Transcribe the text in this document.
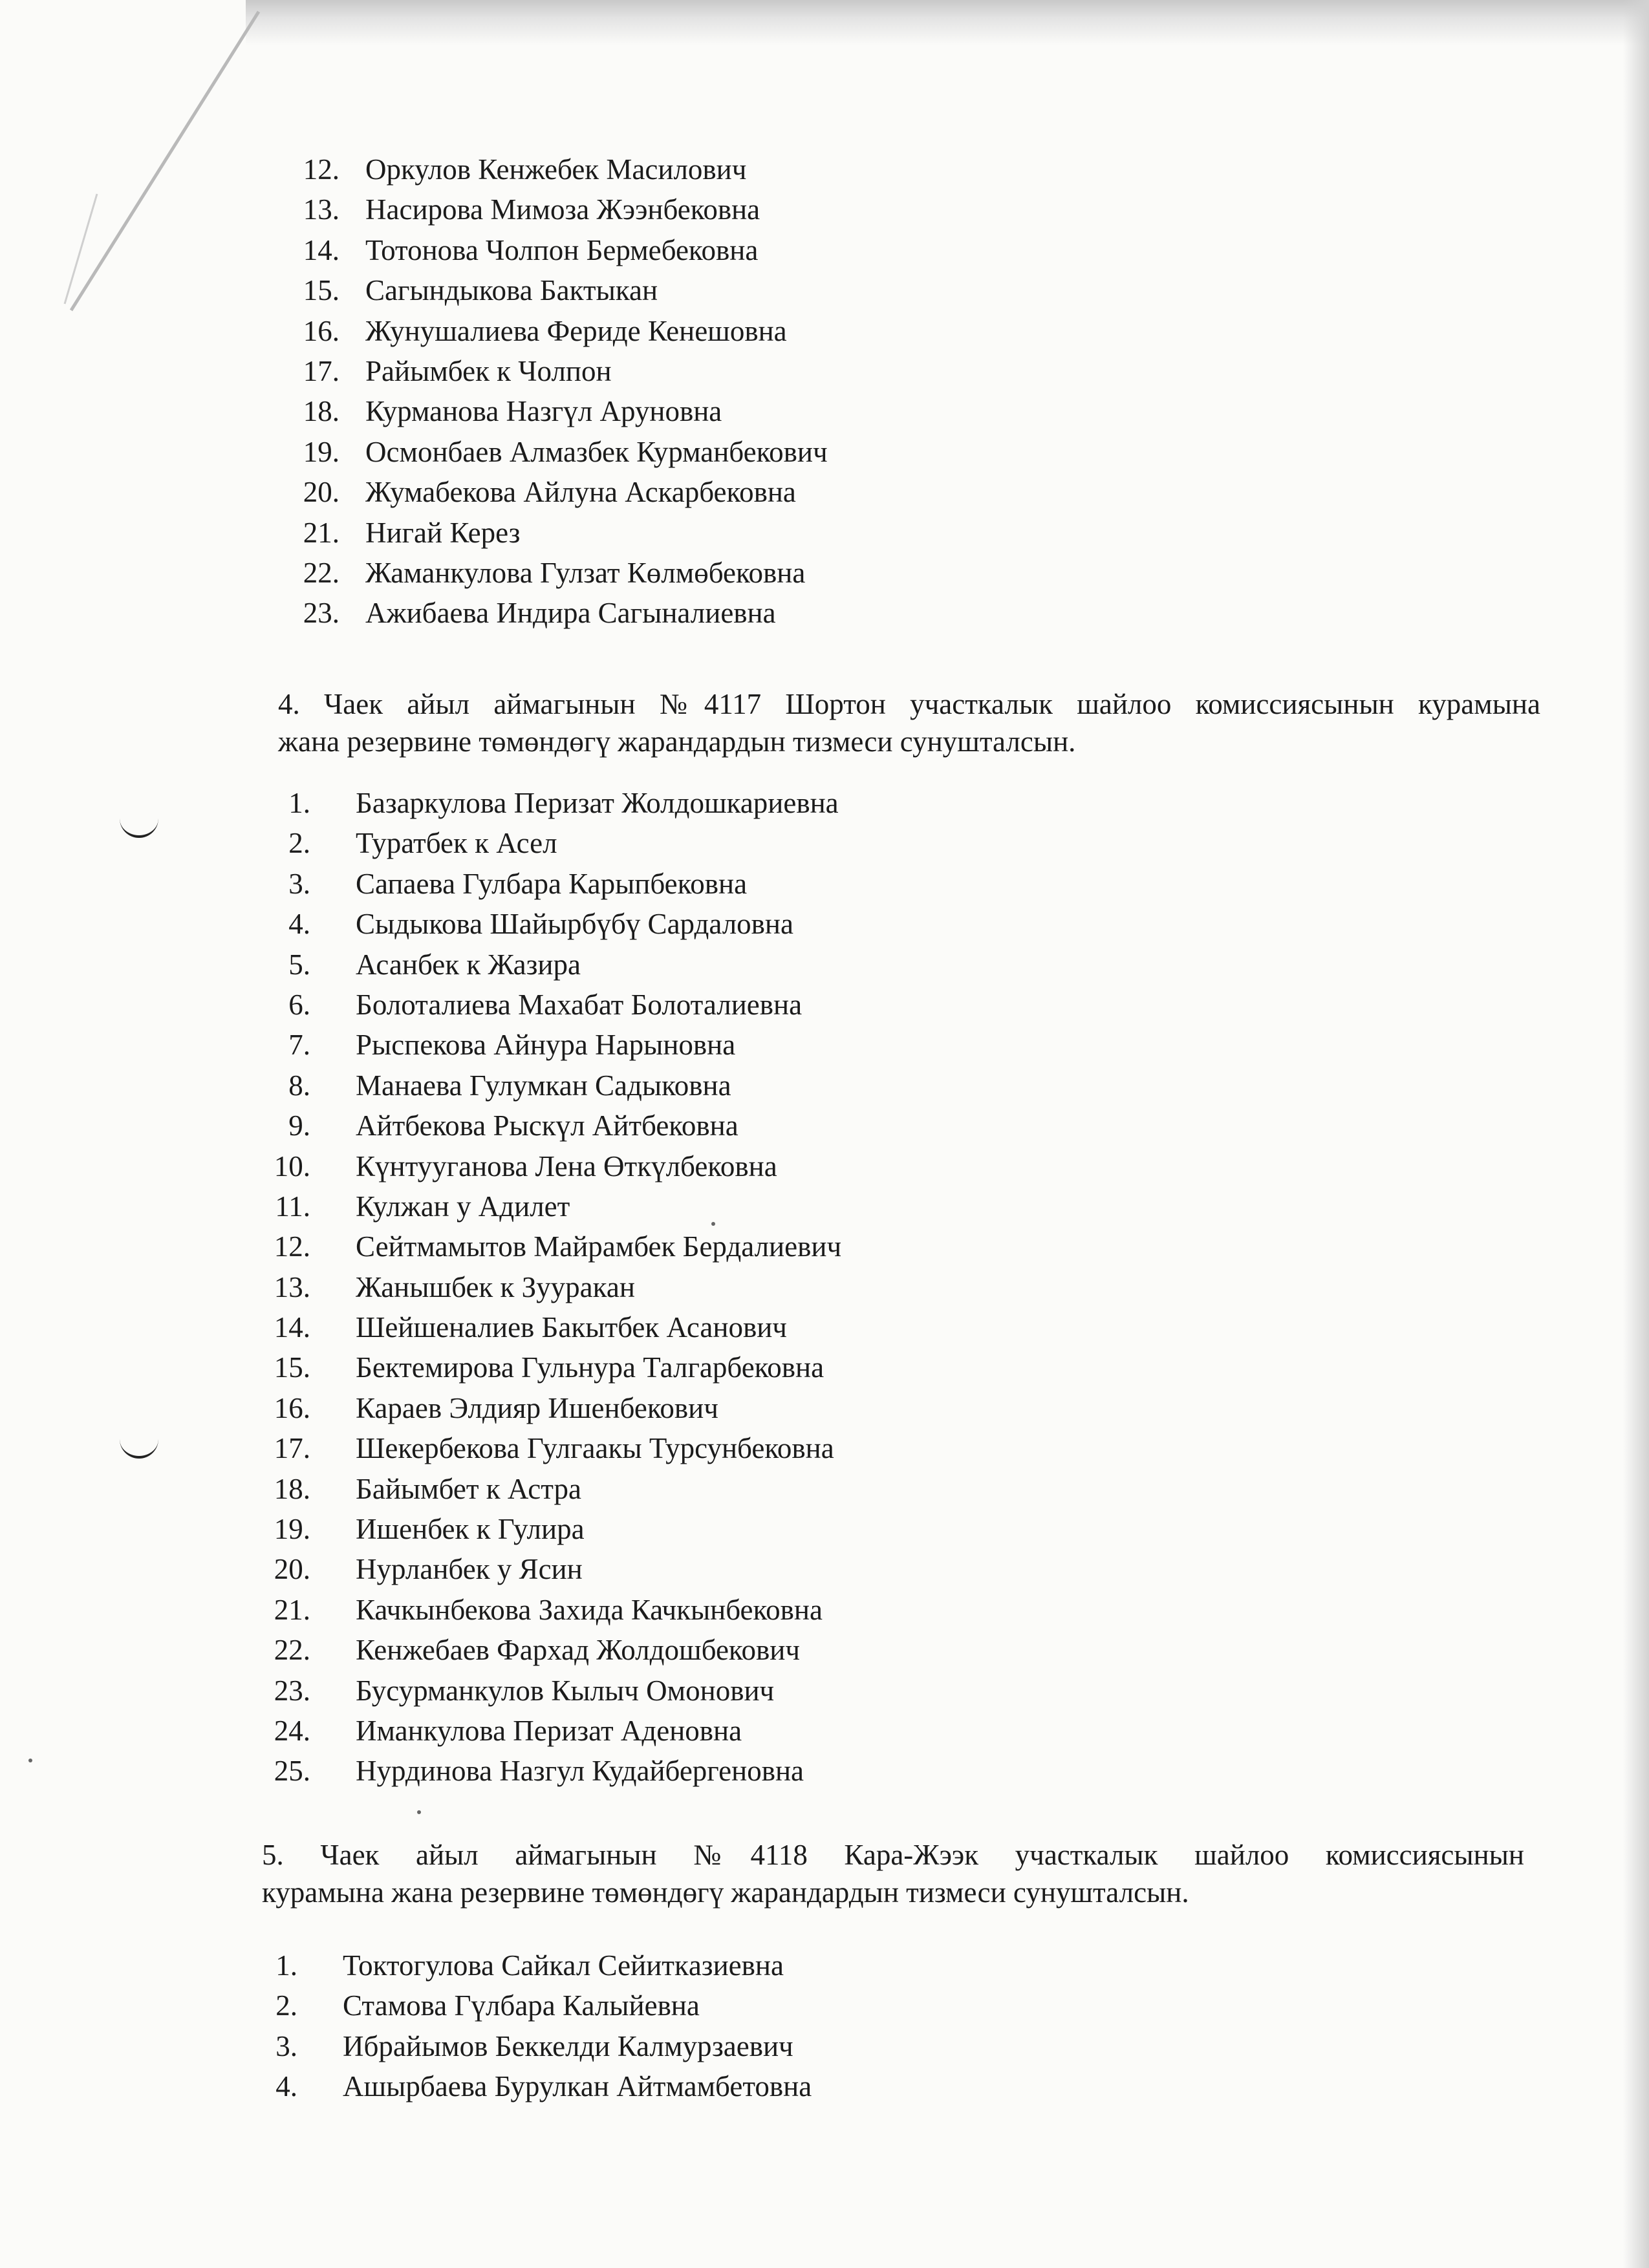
12. Оркулов Кенжебек Масилович
13. Насирова Мимоза Жээнбековна
14. Тотонова Чолпон Бермебековна
15. Сагындыкова Бактыкан
16. Жунушалиева Феридe Кенешовна
17. Райымбек к Чолпон
18. Курманова Назгүл Аруновна
19. Осмонбаев Алмазбек Курманбекович
20. Жумабекова Айлуна Аскарбековна
21. Нигай Керез
22. Жаманкулова Гулзат Көлмөбековна
23. Ажибаева Индира Сагыналиевна

4. Чаек айыл аймагынын №4117 Шортон участкалык шайлоо комиссиясынын курамына
жана резервине төмөндөгү жарандардын тизмеси сунушталсын.

1. Базаркулова Перизат Жолдошкариевна
2. Туратбек к Асел
3. Сапаева Гулбара Карыпбековна
4. Сыдыкова Шайырбүбү Сардаловна
5. Асанбек к Жазира
6. Болоталиева Махабат Болоталиевна
7. Рыспекова Айнура Нарыновна
8. Манаева Гулумкан Садыковна
9. Айтбекова Рыскүл Айтбековна
10. Күнтууганова Лена Өткүлбековна
11. Кулжан у Адилет
12. Сейтмамытов Майрамбек Бердалиевич
13. Жанышбек к Зууракан
14. Шейшеналиев Бакытбек Асанович
15. Бектемирова Гульнура Талгарбековна
16. Караев Элдияр Ишенбекович
17. Шекербекова Гулгаакы Турсунбековна
18. Байымбет к Астра
19. Ишенбек к Гулира
20. Нурланбек у Ясин
21. Качкынбекова Захида Качкынбековна
22. Кенжебаев Фархад Жолдошбекович
23. Бусурманкулов Кылыч Омонович
24. Иманкулова Перизат Аденовна
25. Нурдинова Назгул Кудайбергеновна

5. Чаек айыл аймагынын №4118 Кара-Жээк участкалык шайлоо комиссиясынын
курамына жана резервине төмөндөгү жарандардын тизмеси сунушталсын.

1. Токтогулова Сайкал Сейиткaзиевна
2. Стамова Гүлбара Калыйевна
3. Ибрайымов Беккелди Калмурзаевич
4. Ашырбаева Бурулкан Айтмамбетовна
